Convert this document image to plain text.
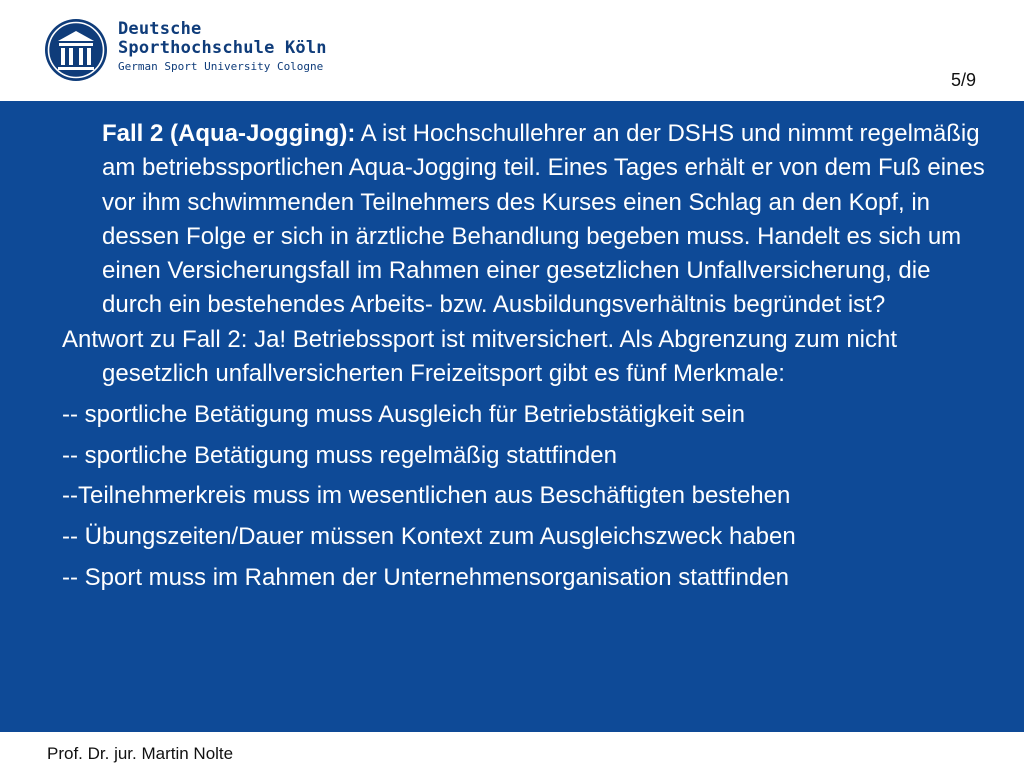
Deutsche
Sporthochschule Köln
German Sport University Cologne
5/9

Fall 2 (Aqua-Jogging): A ist Hochschullehrer an der DSHS und nimmt regelmäßig am betriebssportlichen Aqua-Jogging teil. Eines Tages erhält er von dem Fuß eines vor ihm schwimmenden Teilnehmers des Kurses einen Schlag an den Kopf, in dessen Folge er sich in ärztliche Behandlung begeben muss. Handelt es sich um einen Versicherungsfall im Rahmen einer gesetzlichen Unfallversicherung, die durch ein bestehendes Arbeits- bzw. Ausbildungsverhältnis begründet ist?

Antwort zu Fall 2: Ja! Betriebssport ist mitversichert. Als Abgrenzung zum nicht gesetzlich unfallversicherten Freizeitsport gibt es fünf Merkmale:

-- sportliche Betätigung muss Ausgleich für Betriebstätigkeit sein
-- sportliche Betätigung muss regelmäßig stattfinden
--Teilnehmerkreis muss im wesentlichen aus Beschäftigten bestehen
-- Übungszeiten/Dauer müssen Kontext zum Ausgleichszweck haben
-- Sport muss im Rahmen der Unternehmensorganisation stattfinden
Prof. Dr. jur. Martin Nolte
